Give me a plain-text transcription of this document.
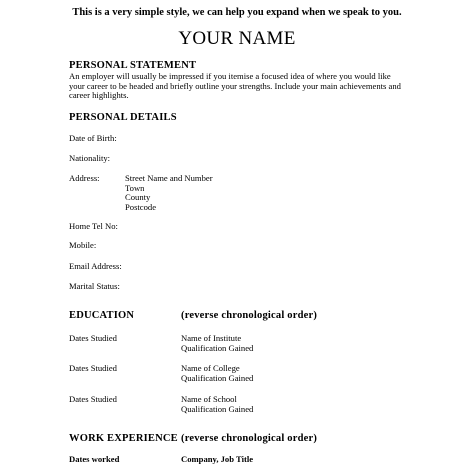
This is a very simple style, we can help you expand when we speak to you.
YOUR NAME
PERSONAL STATEMENT
An employer will usually be impressed if you itemise a focused idea of where you would like
your career to be headed and briefly outline your strengths. Include your main achievements and
career highlights.
PERSONAL DETAILS
Date of Birth:
Nationality:
Address:	Street Name and Number
Town
County
Postcode
Home Tel No:
Mobile:
Email Address:
Marital Status:
EDUCATION	(reverse chronological order)
Dates Studied	Name of Institute
Qualification Gained
Dates Studied	Name of College
Qualification Gained
Dates Studied	Name of School
Qualification Gained
WORK EXPERIENCE (reverse chronological order)
Dates worked	Company, Job Title
